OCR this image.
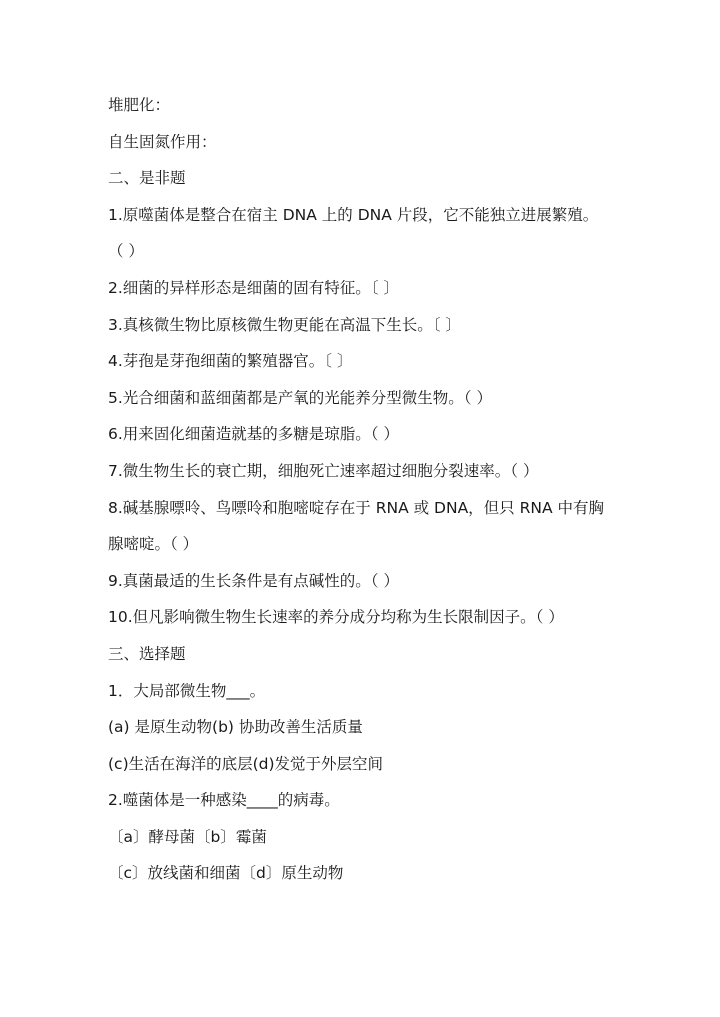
堆肥化：
自生固氮作用：
二、是非题
1.原噬菌体是整合在宿主 DNA 上的 DNA 片段，它不能独立进展繁殖。
（ ）
2.细菌的异样形态是细菌的固有特征。〔 〕
3.真核微生物比原核微生物更能在高温下生长。〔 〕
4.芽孢是芽孢细菌的繁殖器官。〔 〕
5.光合细菌和蓝细菌都是产氧的光能养分型微生物。（ ）
6.用来固化细菌造就基的多糖是琼脂。（ ）
7.微生物生长的衰亡期，细胞死亡速率超过细胞分裂速率。（ ）
8.碱基腺嘌呤、鸟嘌呤和胞嘧啶存在于 RNA 或 DNA，但只 RNA 中有胸
腺嘧啶。（ ）
9.真菌最适的生长条件是有点碱性的。（ ）
10.但凡影响微生物生长速率的养分成分均称为生长限制因子。（ ）
三、选择题
1．大局部微生物___。
(a) 是原生动物(b) 协助改善生活质量
(c)生活在海洋的底层(d)发觉于外层空间
2.噬菌体是一种感染____的病毒。
〔a〕酵母菌〔b〕霉菌
〔c〕放线菌和细菌〔d〕原生动物
